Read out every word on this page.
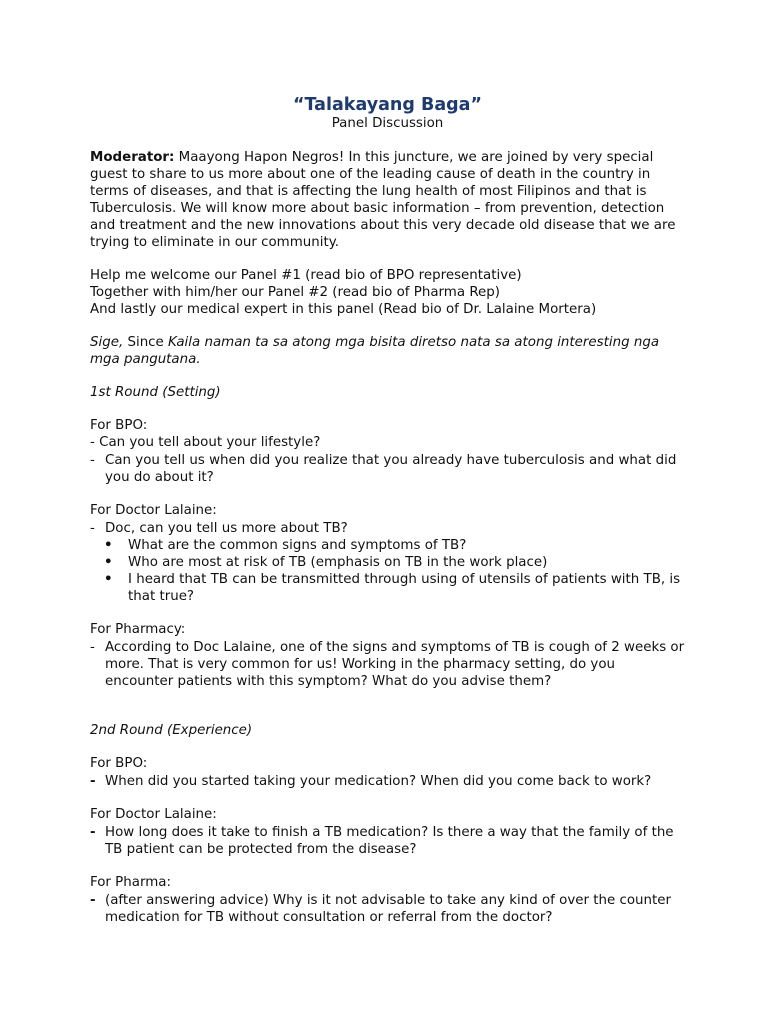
“Talakayang Baga”

Panel Discussion

Moderator: Maayong Hapon Negros! In this juncture, we are joined by very special guest to share to us more about one of the leading cause of death in the country in terms of diseases, and that is affecting the lung health of most Filipinos and that is Tuberculosis. We will know more about basic information – from prevention, detection and treatment and the new innovations about this very decade old disease that we are trying to eliminate in our community.

Help me welcome our Panel #1 (read bio of BPO representative)

Together with him/her our Panel #2 (read bio of Pharma Rep)

And lastly our medical expert in this panel (Read bio of Dr. Lalaine Mortera)

Sige, Since Kaila naman ta sa atong mga bisita diretso nata sa atong interesting nga mga pangutana.

1st Round (Setting)

For BPO:

- Can you tell about your lifestyle?

- Can you tell us when did you realize that you already have tuberculosis and what did you do about it?

For Doctor Lalaine:

- Doc, can you tell us more about TB?
•	What are the common signs and symptoms of TB?
•	Who are most at risk of TB (emphasis on TB in the work place)
•	I heard that TB can be transmitted through using of utensils of patients with TB, is that true?

For Pharmacy:

- According to Doc Lalaine, one of the signs and symptoms of TB is cough of 2 weeks or more. That is very common for us! Working in the pharmacy setting, do you encounter patients with this symptom? What do you advise them?

2nd Round (Experience)

For BPO:

- When did you started taking your medication? When did you come back to work?

For Doctor Lalaine:

- How long does it take to finish a TB medication? Is there a way that the family of the TB patient can be protected from the disease?

For Pharma:

- (after answering advice) Why is it not advisable to take any kind of over the counter medication for TB without consultation or referral from the doctor?
